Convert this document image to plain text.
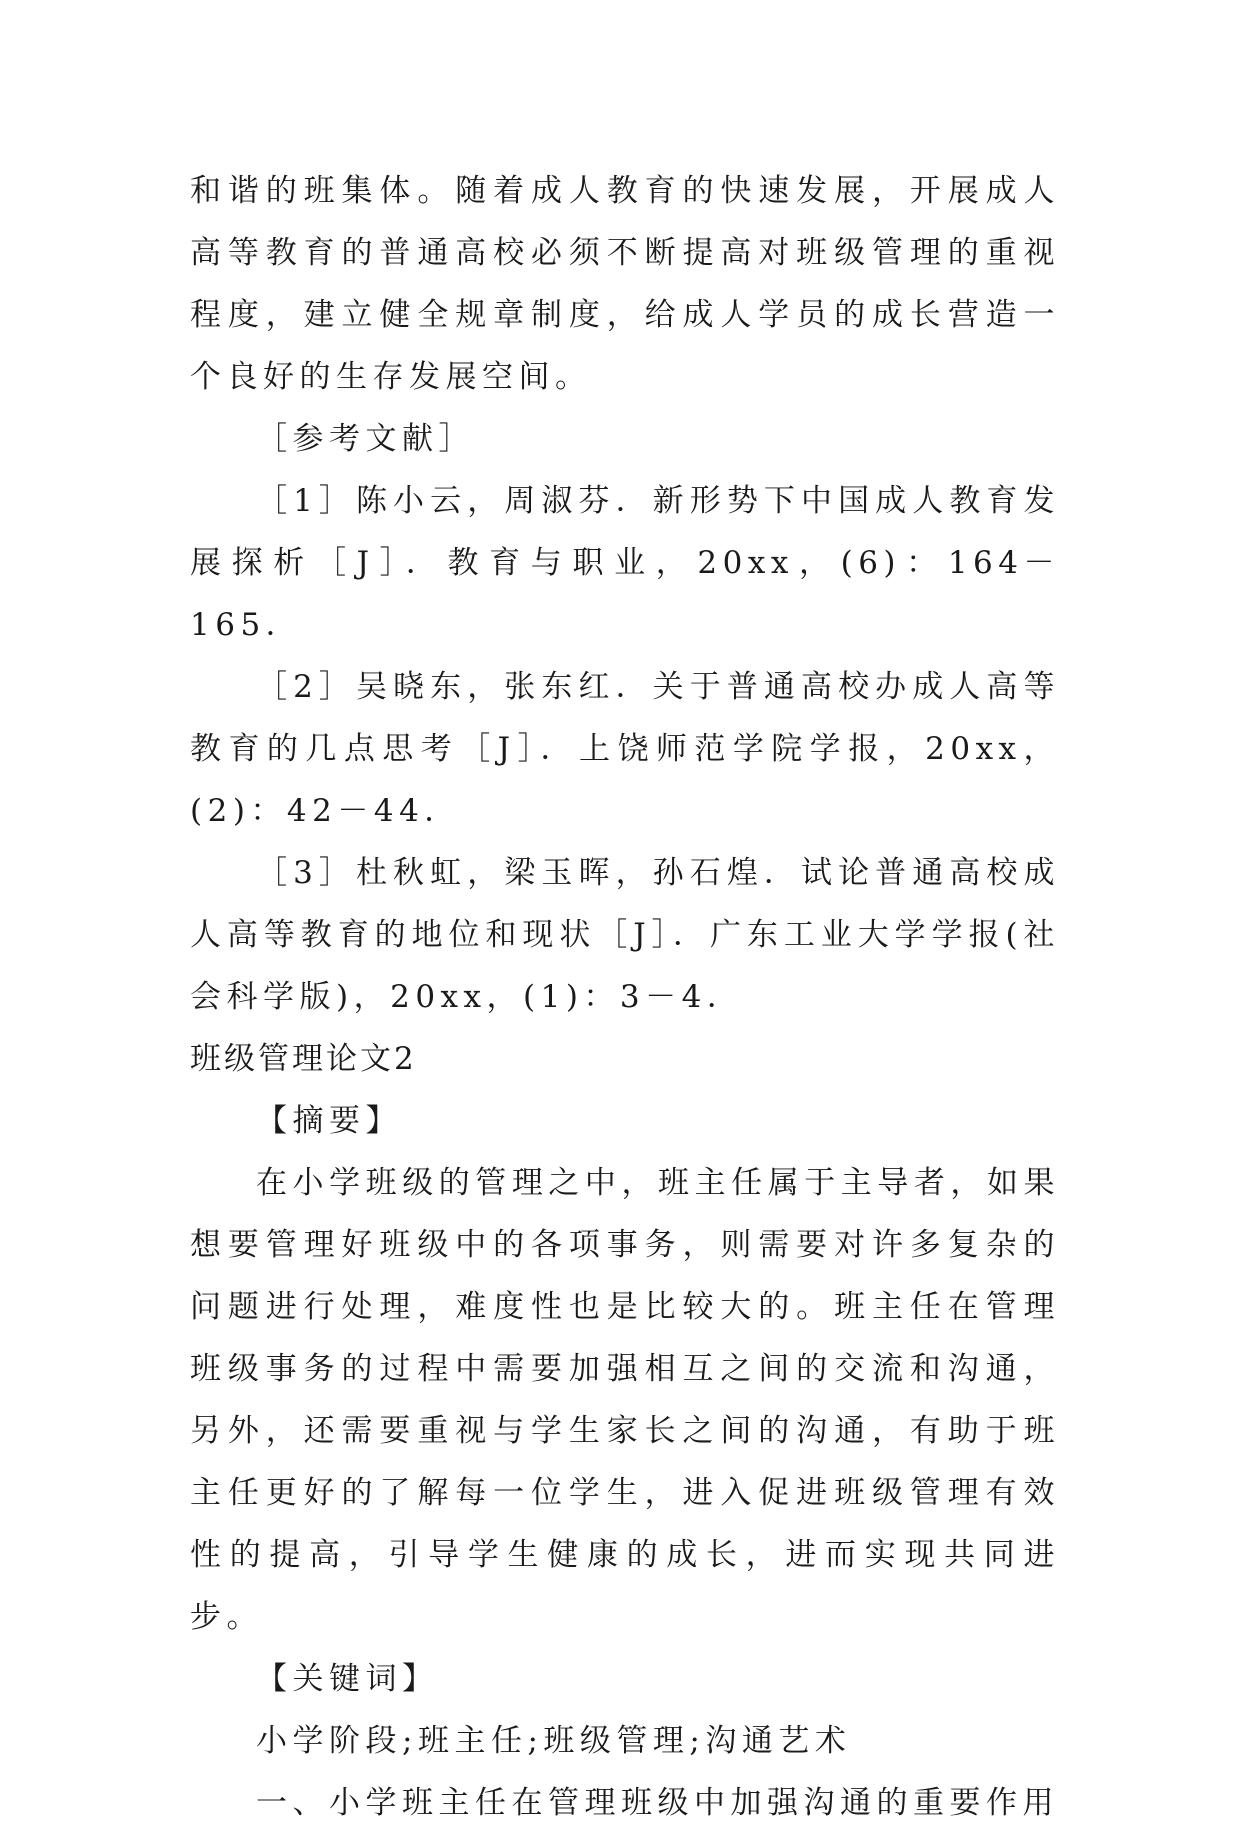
和谐的班集体。随着成人教育的快速发展，开展成人高等教育的普通高校必须不断提高对班级管理的重视程度，建立健全规章制度，给成人学员的成长营造一个良好的生存发展空间。

［参考文献］

［1］陈小云，周淑芬．新形势下中国成人教育发展探析［J］．教育与职业，20xx，(6)：164－165．

［2］吴晓东，张东红．关于普通高校办成人高等教育的几点思考［J］．上饶师范学院学报，20xx，(2)：42－44．

［3］杜秋虹，梁玉晖，孙石煌．试论普通高校成人高等教育的地位和现状［J］．广东工业大学学报(社会科学版)，20xx，(1)：3－4．

班级管理论文2

【摘要】

在小学班级的管理之中，班主任属于主导者，如果想要管理好班级中的各项事务，则需要对许多复杂的问题进行处理，难度性也是比较大的。班主任在管理班级事务的过程中需要加强相互之间的交流和沟通，另外，还需要重视与学生家长之间的沟通，有助于班主任更好的了解每一位学生，进入促进班级管理有效性的提高，引导学生健康的成长，进而实现共同进步。

【关键词】

小学阶段;班主任;班级管理;沟通艺术

一、小学班主任在管理班级中加强沟通的重要作用
